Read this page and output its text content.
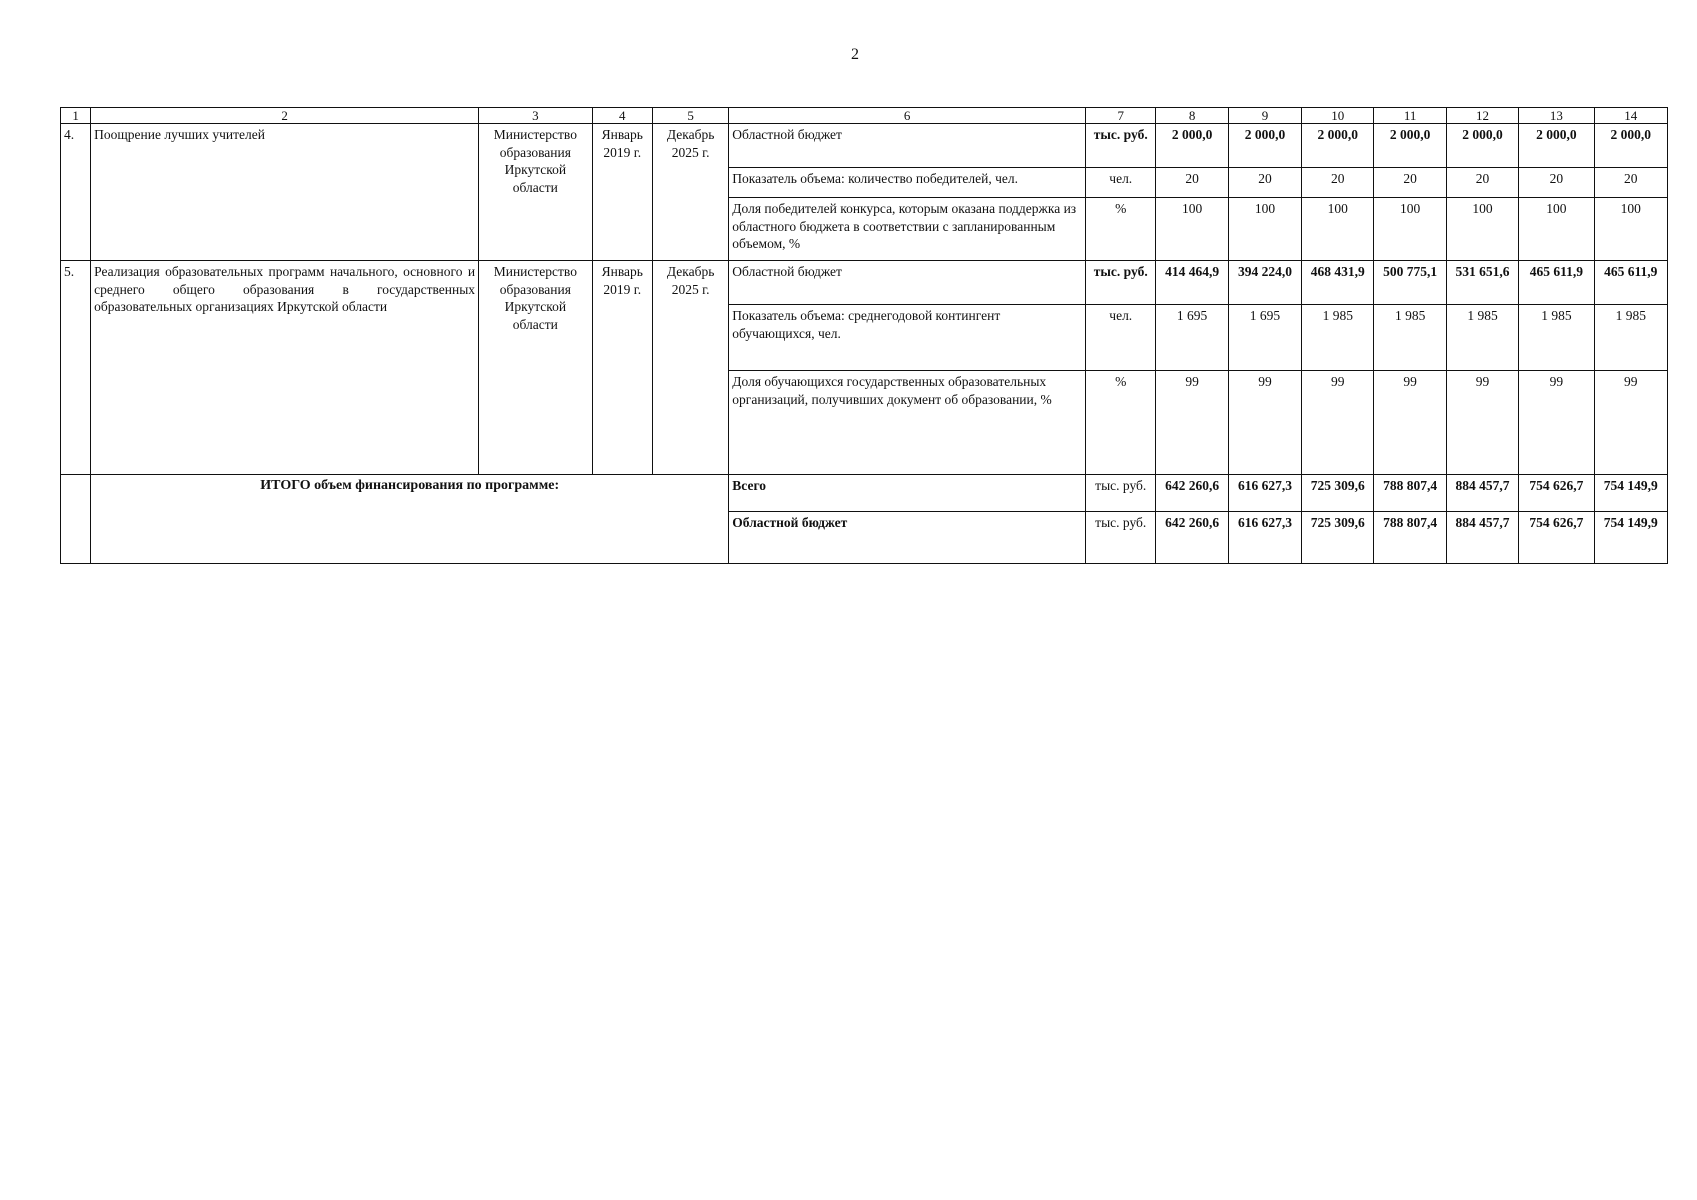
2
1	2	3	4	5	6	7	8	9	10	11	12	13	14
4.	Поощрение лучших учителей	Министерство образования Иркутской области	Январь 2019 г.	Декабрь 2025 г.	Областной бюджет	тыс. руб.	2 000,0	2 000,0	2 000,0	2 000,0	2 000,0	2 000,0	2 000,0
					Показатель объема: количество победителей, чел.	чел.	20	20	20	20	20	20	20
					Доля победителей конкурса, которым оказана поддержка из областного бюджета в соответствии с запланированным объемом, %	%	100	100	100	100	100	100	100
5.	Реализация образовательных программ начального, основного и среднего общего образования в государственных образовательных организациях Иркутской области	Министерство образования Иркутской области	Январь 2019 г.	Декабрь 2025 г.	Областной бюджет	тыс. руб.	414 464,9	394 224,0	468 431,9	500 775,1	531 651,6	465 611,9	465 611,9
					Показатель объема: среднегодовой контингент обучающихся, чел.	чел.	1 695	1 695	1 985	1 985	1 985	1 985	1 985
					Доля обучающихся государственных образовательных организаций, получивших документ об образовании, %	%	99	99	99	99	99	99	99
	ИТОГО объем финансирования по программе:				Всего	тыс. руб.	642 260,6	616 627,3	725 309,6	788 807,4	884 457,7	754 626,7	754 149,9
					Областной бюджет	тыс. руб.	642 260,6	616 627,3	725 309,6	788 807,4	884 457,7	754 626,7	754 149,9
